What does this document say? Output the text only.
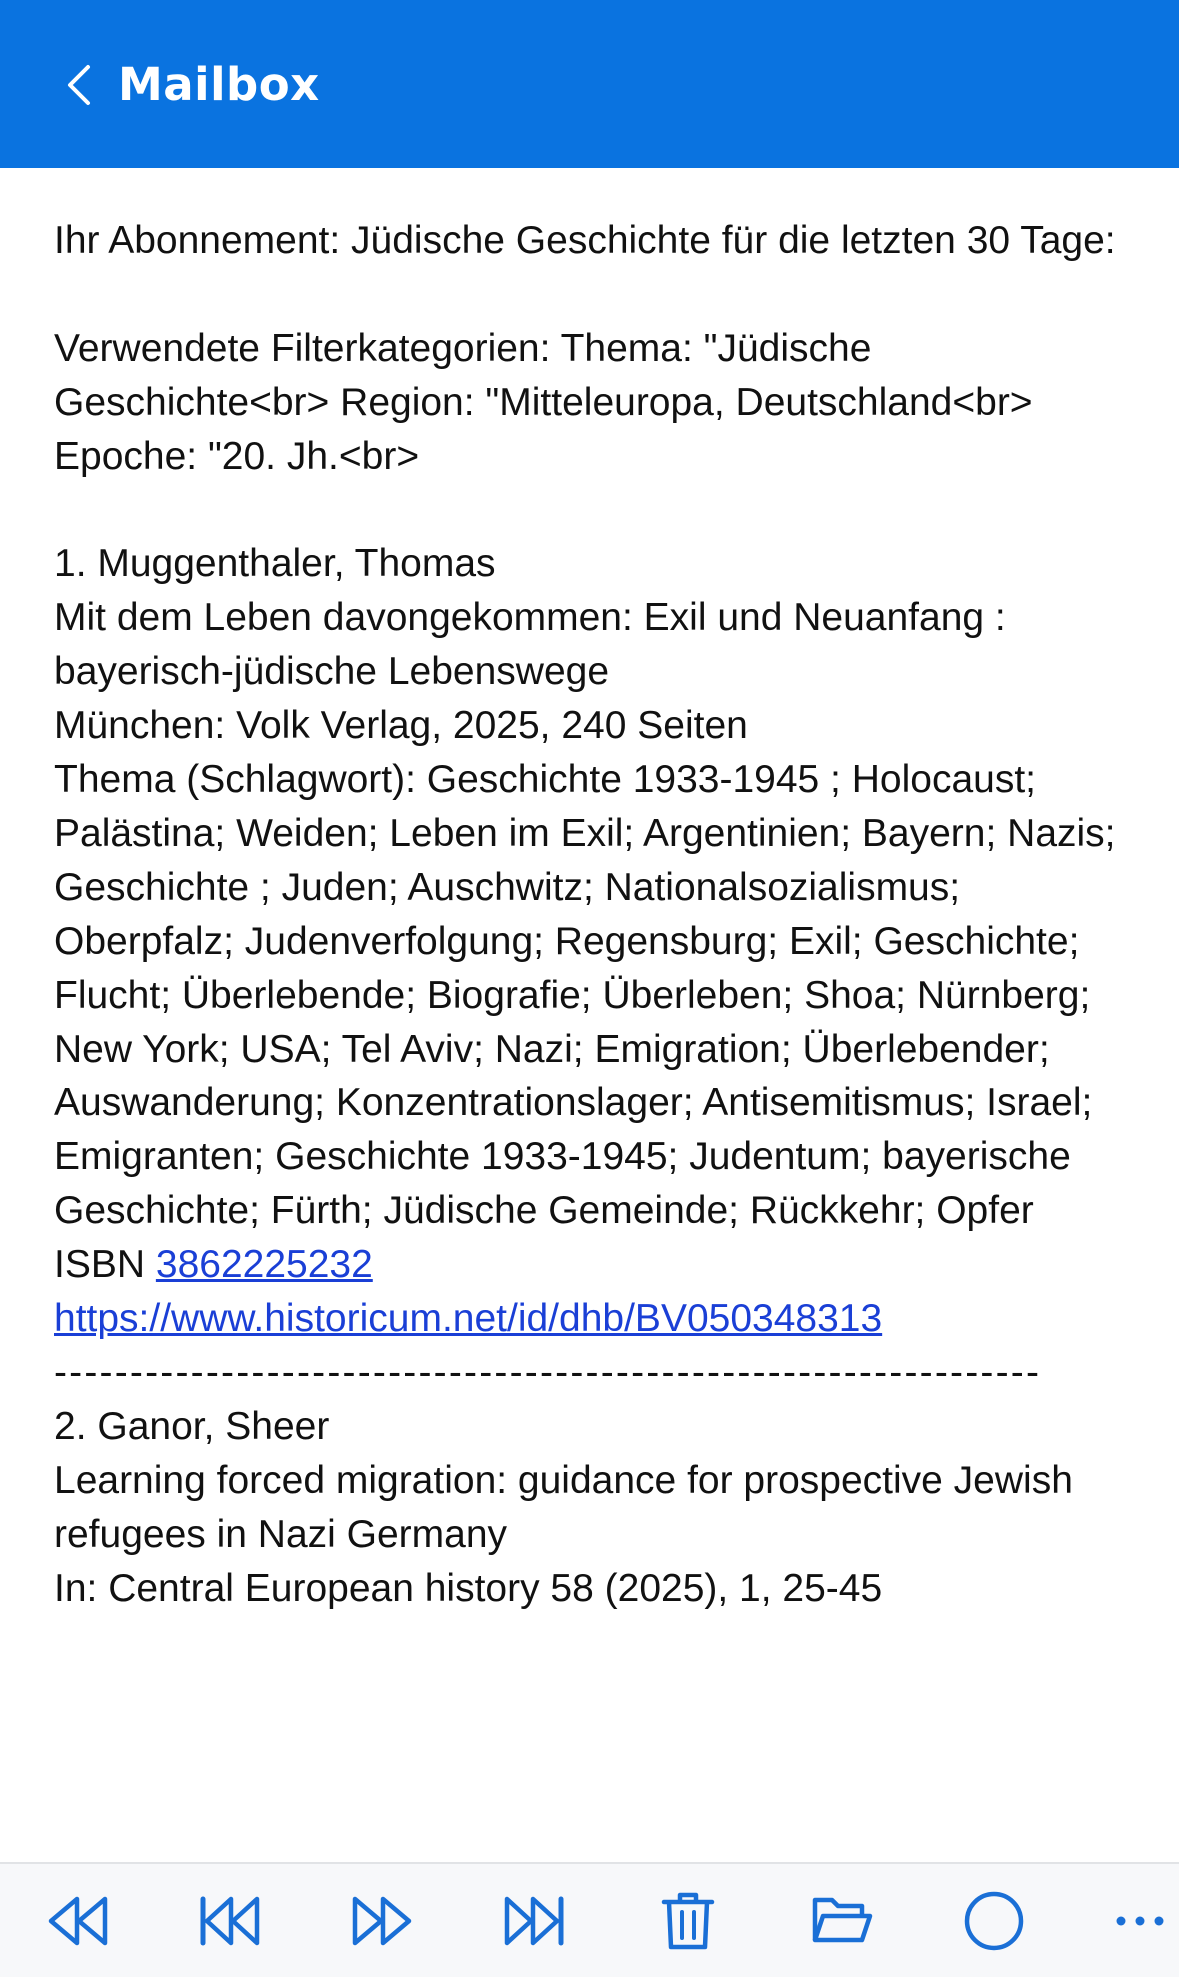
Mailbox

Ihr Abonnement: Jüdische Geschichte für die letzten 30 Tage:

Verwendete Filterkategorien: Thema: "Jüdische Geschichte<br> Region: "Mitteleuropa, Deutschland<br> Epoche: "20. Jh.<br>

1. Muggenthaler, Thomas

Mit dem Leben davongekommen: Exil und Neuanfang : bayerisch-jüdische Lebenswege

München: Volk Verlag, 2025, 240 Seiten

Thema (Schlagwort): Geschichte 1933-1945 ; Holocaust; Palästina; Weiden; Leben im Exil; Argentinien; Bayern; Nazis; Geschichte ; Juden; Auschwitz; Nationalsozialismus; Oberpfalz; Judenverfolgung; Regensburg; Exil; Geschichte; Flucht; Überlebende; Biografie; Überleben; Shoa; Nürnberg; New York; USA; Tel Aviv; Nazi; Emigration; Überlebender; Auswanderung; Konzentrationslager; Antisemitismus; Israel; Emigranten; Geschichte 1933-1945; Judentum; bayerische Geschichte; Fürth; Jüdische Gemeinde; Rückkehr; Opfer

ISBN 3862225232

https://www.historicum.net/id/dhb/BV050348313

-----------------------------------------------------------------

2. Ganor, Sheer

Learning forced migration: guidance for prospective Jewish refugees in Nazi Germany

In: Central European history 58 (2025), 1, 25-45
